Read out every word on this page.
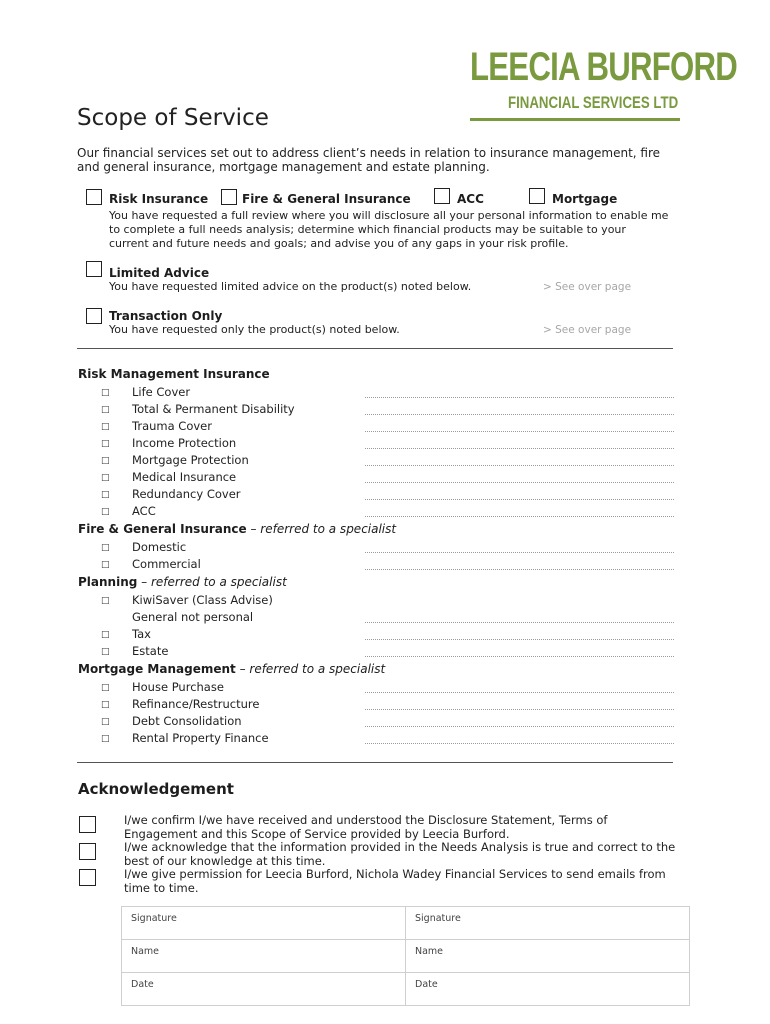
LEECIA BURFORD
FINANCIAL SERVICES LTD
Scope of Service
Our financial services set out to address client’s needs in relation to insurance management, fire and general insurance, mortgage management and estate planning.
Risk Insurance	Fire & General Insurance	ACC	Mortgage
You have requested a full review where you will disclosure all your personal information to enable me to complete a full needs analysis; determine which financial products may be suitable to your current and future needs and goals; and advise you of any gaps in your risk profile.
Limited Advice
You have requested limited advice on the product(s) noted below.	> See over page
Transaction Only
You have requested only the product(s) noted below.	> See over page
Risk Management Insurance
□ Life Cover
□ Total & Permanent Disability
□ Trauma Cover
□ Income Protection
□ Mortgage Protection
□ Medical Insurance
□ Redundancy Cover
□ ACC
Fire & General Insurance – referred to a specialist
□ Domestic
□ Commercial
Planning – referred to a specialist
□ KiwiSaver (Class Advise)
General not personal
□ Tax
□ Estate
Mortgage Management – referred to a specialist
□ House Purchase
□ Refinance/Restructure
□ Debt Consolidation
□ Rental Property Finance
Acknowledgement
I/we confirm I/we have received and understood the Disclosure Statement, Terms of Engagement and this Scope of Service provided by Leecia Burford.
I/we acknowledge that the information provided in the Needs Analysis is true and correct to the best of our knowledge at this time.
I/we give permission for Leecia Burford, Nichola Wadey Financial Services to send emails from time to time.
Signature	Signature
Name	Name
Date	Date
